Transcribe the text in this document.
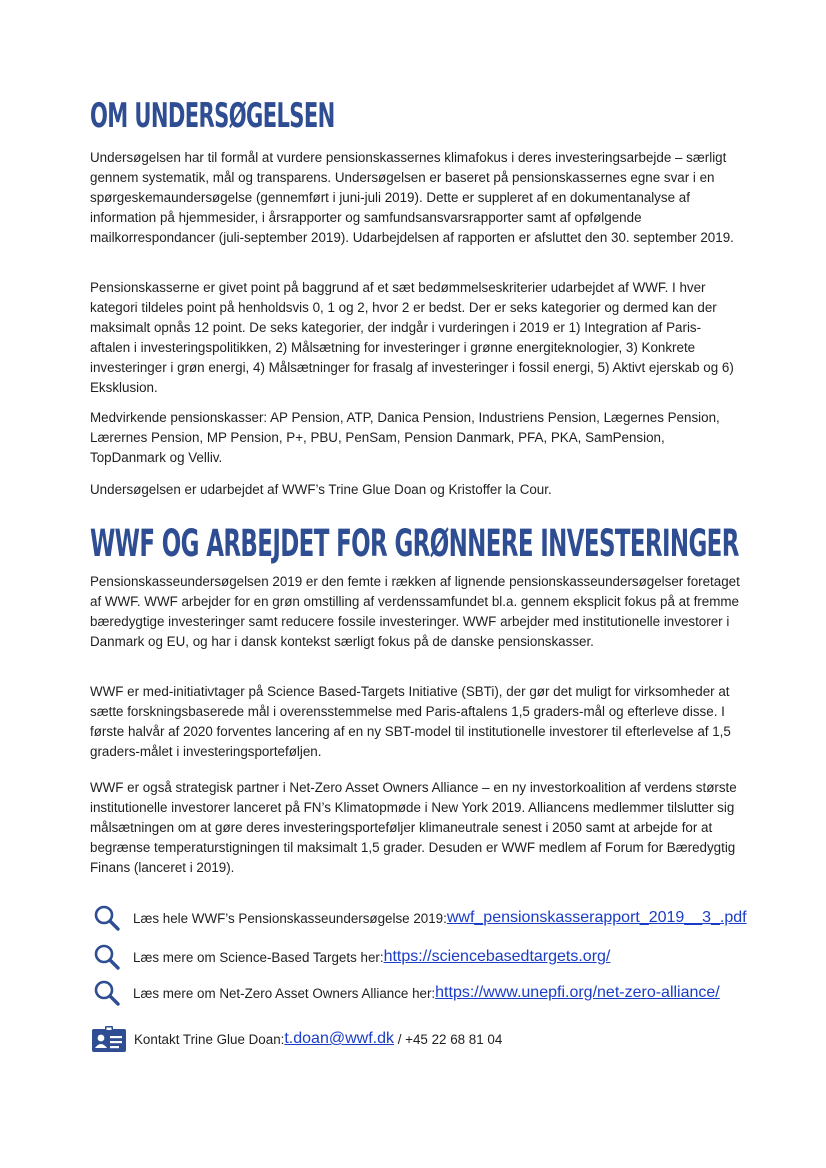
OM UNDERSØGELSEN

Undersøgelsen har til formål at vurdere pensionskassernes klimafokus i deres investeringsarbejde – særligt gennem systematik, mål og transparens. Undersøgelsen er baseret på pensionskassernes egne svar i en spørgeskemaundersøgelse (gennemført i juni-juli 2019). Dette er suppleret af en dokumentanalyse af information på hjemmesider, i årsrapporter og samfundsansvarsrapporter samt af opfølgende mailkorrespondancer (juli-september 2019). Udarbejdelsen af rapporten er afsluttet den 30. september 2019.

Pensionskasserne er givet point på baggrund af et sæt bedømmelseskriterier udarbejdet af WWF. I hver kategori tildeles point på henholdsvis 0, 1 og 2, hvor 2 er bedst. Der er seks kategorier og dermed kan der maksimalt opnås 12 point. De seks kategorier, der indgår i vurderingen i 2019 er 1) Integration af Paris-aftalen i investeringspolitikken, 2) Målsætning for investeringer i grønne energiteknologier, 3) Konkrete investeringer i grøn energi, 4) Målsætninger for frasalg af investeringer i fossil energi, 5) Aktivt ejerskab og 6) Eksklusion.

Medvirkende pensionskasser: AP Pension, ATP, Danica Pension, Industriens Pension, Lægernes Pension, Lærernes Pension, MP Pension, P+, PBU, PenSam, Pension Danmark, PFA, PKA, SamPension, TopDanmark og Velliv.

Undersøgelsen er udarbejdet af WWF’s Trine Glue Doan og Kristoffer la Cour.

WWF OG ARBEJDET FOR GRØNNERE INVESTERINGER

Pensionskasseundersøgelsen 2019 er den femte i rækken af lignende pensionskasseundersøgelser foretaget af WWF. WWF arbejder for en grøn omstilling af verdenssamfundet bl.a. gennem eksplicit fokus på at fremme bæredygtige investeringer samt reducere fossile investeringer. WWF arbejder med institutionelle investorer i Danmark og EU, og har i dansk kontekst særligt fokus på de danske pensionskasser.

WWF er med-initiativtager på Science Based-Targets Initiative (SBTi), der gør det muligt for virksomheder at sætte forskningsbaserede mål i overensstemmelse med Paris-aftalens 1,5 graders-mål og efterleve disse. I første halvår af 2020 forventes lancering af en ny SBT-model til institutionelle investorer til efterlevelse af 1,5 graders-målet i investeringsporteføljen.

WWF er også strategisk partner i Net-Zero Asset Owners Alliance – en ny investorkoalition af verdens største institutionelle investorer lanceret på FN’s Klimatopmøde i New York 2019. Alliancens medlemmer tilslutter sig målsætningen om at gøre deres investeringsporteføljer klimaneutrale senest i 2050 samt at arbejde for at begrænse temperaturstigningen til maksimalt 1,5 grader. Desuden er WWF medlem af Forum for Bæredygtig Finans (lanceret i 2019).

Læs hele WWF’s Pensionskasseundersøgelse 2019: wwf_pensionskasserapport_2019__3_.pdf
Læs mere om Science-Based Targets her: https://sciencebasedtargets.org/
Læs mere om Net-Zero Asset Owners Alliance her: https://www.unepfi.org/net-zero-alliance/
Kontakt Trine Glue Doan: t.doan@wwf.dk / +45 22 68 81 04
